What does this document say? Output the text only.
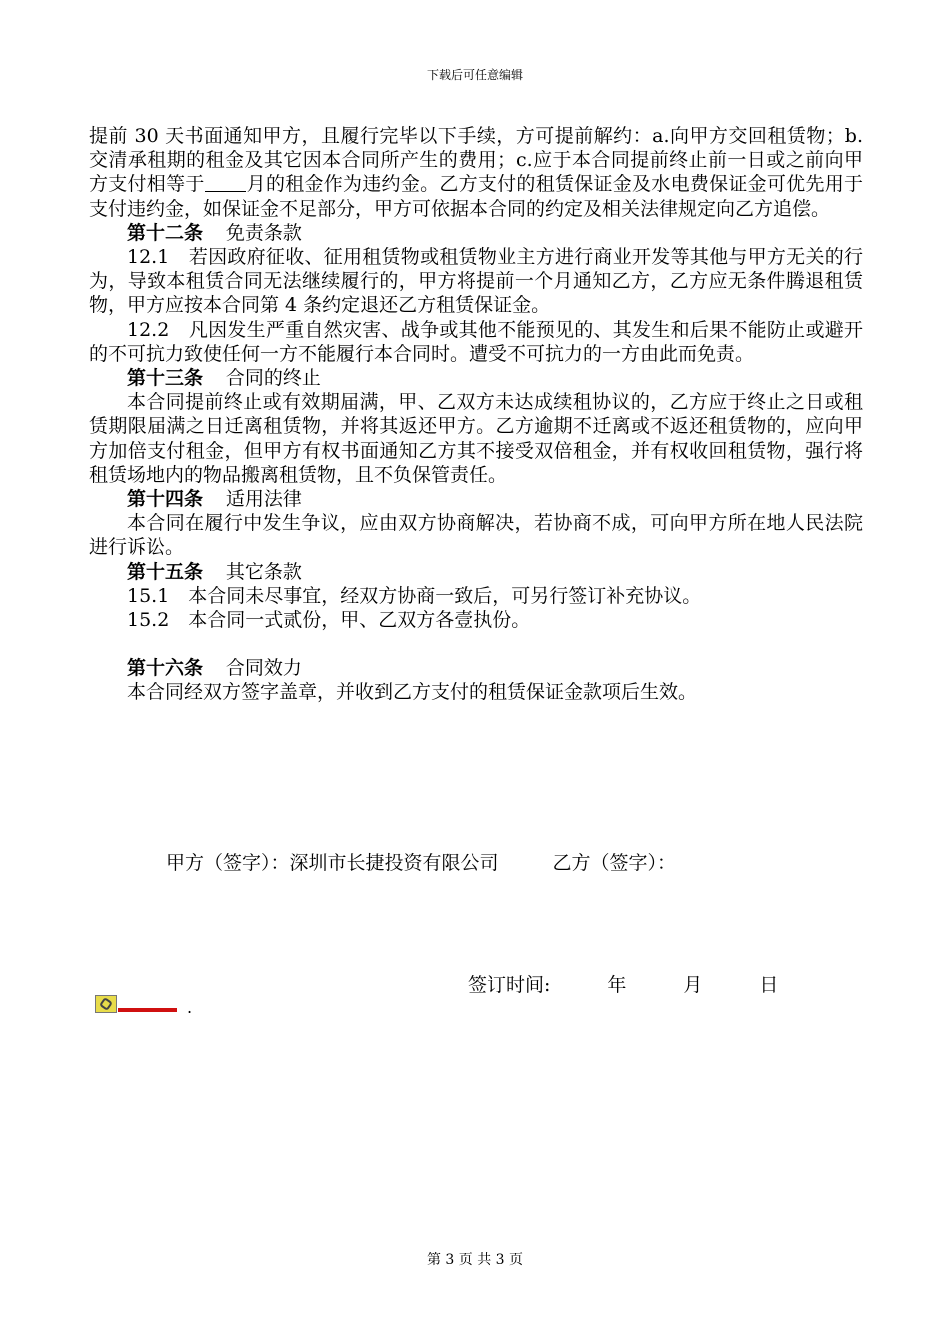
下载后可任意编辑

提前 30 天书面通知甲方，且履行完毕以下手续，方可提前解约：a.向甲方交回租赁物；b.交清承租期的租金及其它因本合同所产生的费用；c.应于本合同提前终止前一日或之前向甲方支付相等于 月的租金作为违约金。乙方支付的租赁保证金及水电费保证金可优先用于支付违约金，如保证金不足部分，甲方可依据本合同的约定及相关法律规定向乙方追偿。

第十二条 免责条款

12.1　若因政府征收、征用租赁物或租赁物业主方进行商业开发等其他与甲方无关的行为，导致本租赁合同无法继续履行的，甲方将提前一个月通知乙方，乙方应无条件腾退租赁物，甲方应按本合同第 4 条约定退还乙方租赁保证金。

12.2　凡因发生严重自然灾害、战争或其他不能预见的、其发生和后果不能防止或避开的不可抗力致使任何一方不能履行本合同时。遭受不可抗力的一方由此而免责。

第十三条 合同的终止

本合同提前终止或有效期届满，甲、乙双方未达成续租协议的，乙方应于终止之日或租赁期限届满之日迁离租赁物，并将其返还甲方。乙方逾期不迁离或不返还租赁物的，应向甲方加倍支付租金，但甲方有权书面通知乙方其不接受双倍租金，并有权收回租赁物，强行将租赁场地内的物品搬离租赁物，且不负保管责任。

第十四条 适用法律

本合同在履行中发生争议，应由双方协商解决，若协商不成，可向甲方所在地人民法院进行诉讼。

第十五条 其它条款

15.1　本合同未尽事宜，经双方协商一致后，可另行签订补充协议。

15.2　本合同一式贰份，甲、乙双方各壹执份。

第十六条 合同效力

本合同经双方签字盖章，并收到乙方支付的租赁保证金款项后生效。

甲方（签字）：深圳市长捷投资有限公司	乙方（签字）：
签订时间:　　　年　　　月　　　日
.
第 3 页 共 3 页
